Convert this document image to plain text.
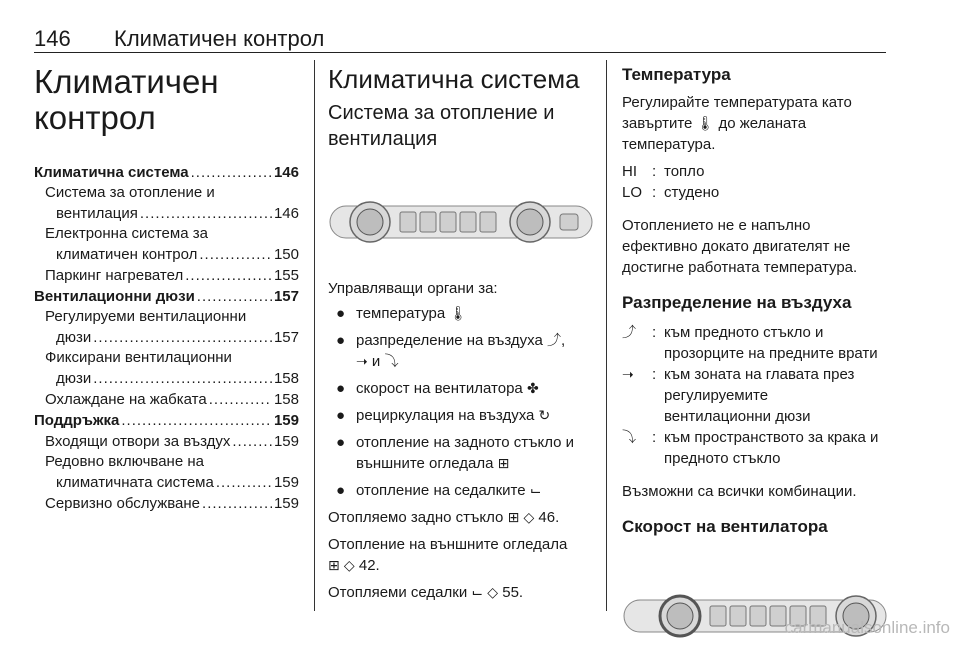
146 Климатичен контрол
Климатичен
контрол
Климатична система .....	146
Система за отопление и
вентилация .....	146
Електронна система за
климатичен контрол .....	150
Паркинг нагревател .....	155
Вентилационни дюзи .....	157
Регулируеми вентилационни
дюзи .....	157
Фиксирани вентилационни
дюзи .....	158
Охлаждане на жабката .....	158
Поддръжка .....	159
Входящи отвори за въздух .....	159
Редовно включване на
климатичната система .....	159
Сервизно обслужване .....	159
Климатична система
Система за отопление и
вентилация

Управляващи органи за:

● температура 🌡
● разпределение на въздуха ⤴,
➝ и ⤵
● скорост на вентилатора ✤
● рециркулация на въздуха ↻
● отопление на задното стъкло и
външните огледала ⊞
● отопление на седалките ⌙

Отопляемо задно стъкло ⊞ ◇ 46.

Отопление на външните огледала
⊞ ◇ 42.

Отопляеми седалки ⌙ ◇ 55.

Температура

Регулирайте температурата като
завъртите 🌡 до желаната
температура.

HI	: топло
LO : студено

Отоплението не е напълно
ефективно докато двигателят не
достигне работната температура.

Разпределение на въздуха
⤴	: към предното стъкло и
прозорците на предните врати
➝	: към зоната на главата през
регулируемите
вентилационни дюзи
⤵	: към пространството за крака и
предното стъкло

Възможни са всички комбинации.

Скорост на вентилатора
carmanualsonline.info
